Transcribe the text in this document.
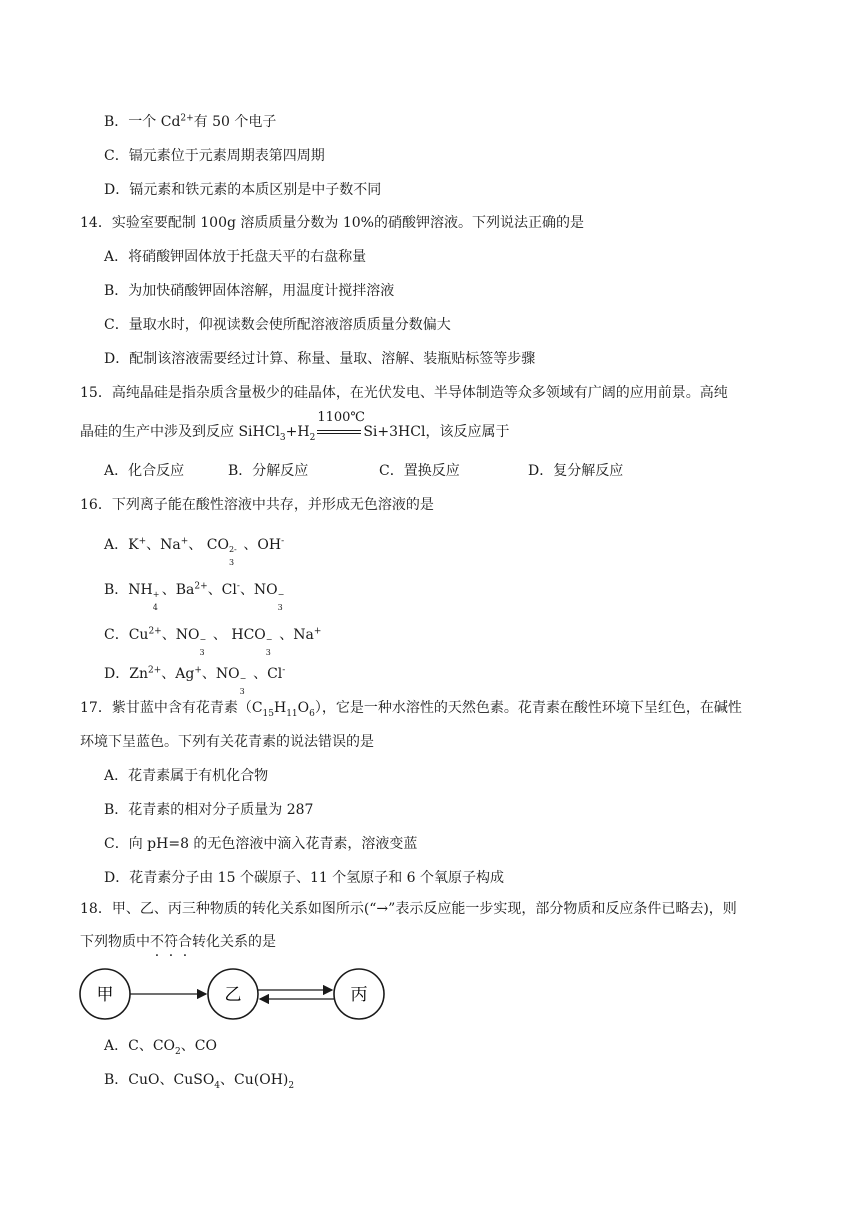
B．一个 $Cd^{2+}$有 50 个电子
C．镉元素位于元素周期表第四周期
D．镉元素和铁元素的本质区别是中子数不同
14．实验室要配制 100g 溶质质量分数为 10%的硝酸钾溶液。下列说法正确的是
A．将硝酸钾固体放于托盘天平的右盘称量
B．为加快硝酸钾固体溶解，用温度计搅拌溶液
C．量取水时，仰视读数会使所配溶液溶质质量分数偏大
D．配制该溶液需要经过计算、称量、量取、溶解、装瓶贴标签等步骤
15．高纯晶硅是指杂质含量极少的硅晶体，在光伏发电、半导体制造等众多领域有广阔的应用前景。高纯
晶硅的生产中涉及到反应 $SiHCl_3+H_2$
1100℃
Si+3HCl，该反应属于
A．化合反应	B．分解反应	C．置换反应	D．复分解反应
16．下列离子能在酸性溶液中共存，并形成无色溶液的是
A．K+、Na+、 CO 2-
3
、OH-
B．NH +
4
、$Ba^{2+}$、Cl-、NO −
3
C．$Cu^{2+}$、NO −
3
、 HCO −
3
、Na+
D．$Zn^{2+}$、Ag+、NO −
3
、Cl-
17．紫甘蓝中含有花青素$(C_{15}H_{11}O_6)$，它是一种水溶性的天然色素。花青素在酸性环境下呈红色，在碱性
环境下呈蓝色。下列有关花青素的说法错误的是
A．花青素属于有机化合物
B．花青素的相对分子质量为 287
C．向 pH=8 的无色溶液中滴入花青素，溶液变蓝
D．花青素分子由 15 个碳原子、11 个氢原子和 6 个氧原子构成
18．甲、乙、丙三种物质的转化关系如图所示(“→”表示反应能一步实现，部分物质和反应条件已略去)，则
下列物质中不符合转化关系的是
甲	乙	丙
A．C、$CO_2$、CO
B．CuO、CuSO$_4$、$Cu(OH)_2$
